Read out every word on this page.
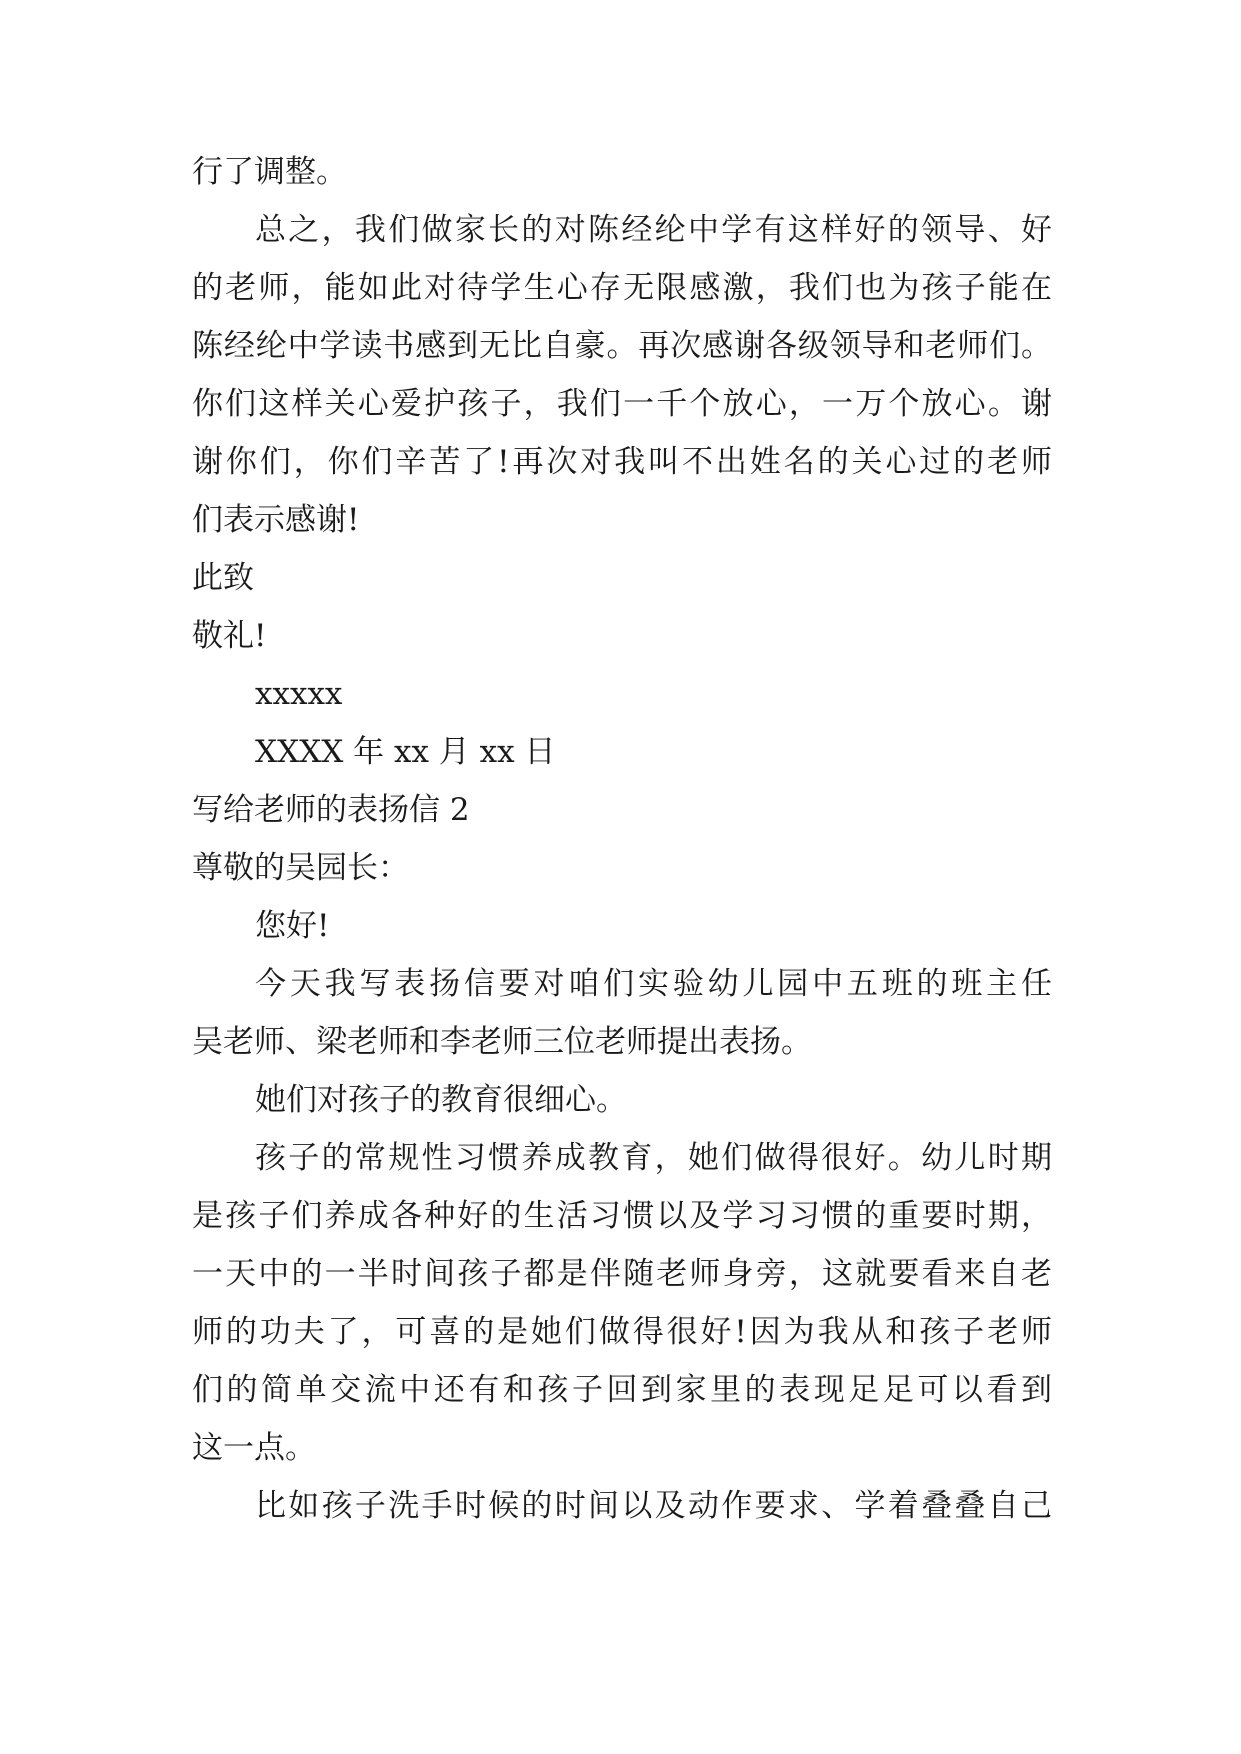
行了调整。
总之，我们做家长的对陈经纶中学有这样好的领导、好
的老师，能如此对待学生心存无限感激，我们也为孩子能在
陈经纶中学读书感到无比自豪。再次感谢各级领导和老师们。
你们这样关心爱护孩子，我们一千个放心，一万个放心。谢
谢你们，你们辛苦了!再次对我叫不出姓名的关心过的老师
们表示感谢!
此致
敬礼!
xxxxx
XXXX 年 xx 月 xx 日
写给老师的表扬信 2
尊敬的吴园长：
您好!
今天我写表扬信要对咱们实验幼儿园中五班的班主任
吴老师、梁老师和李老师三位老师提出表扬。
她们对孩子的教育很细心。
孩子的常规性习惯养成教育，她们做得很好。幼儿时期
是孩子们养成各种好的生活习惯以及学习习惯的重要时期，
一天中的一半时间孩子都是伴随老师身旁，这就要看来自老
师的功夫了，可喜的是她们做得很好!因为我从和孩子老师
们的简单交流中还有和孩子回到家里的表现足足可以看到
这一点。
比如孩子洗手时候的时间以及动作要求、学着叠叠自己
